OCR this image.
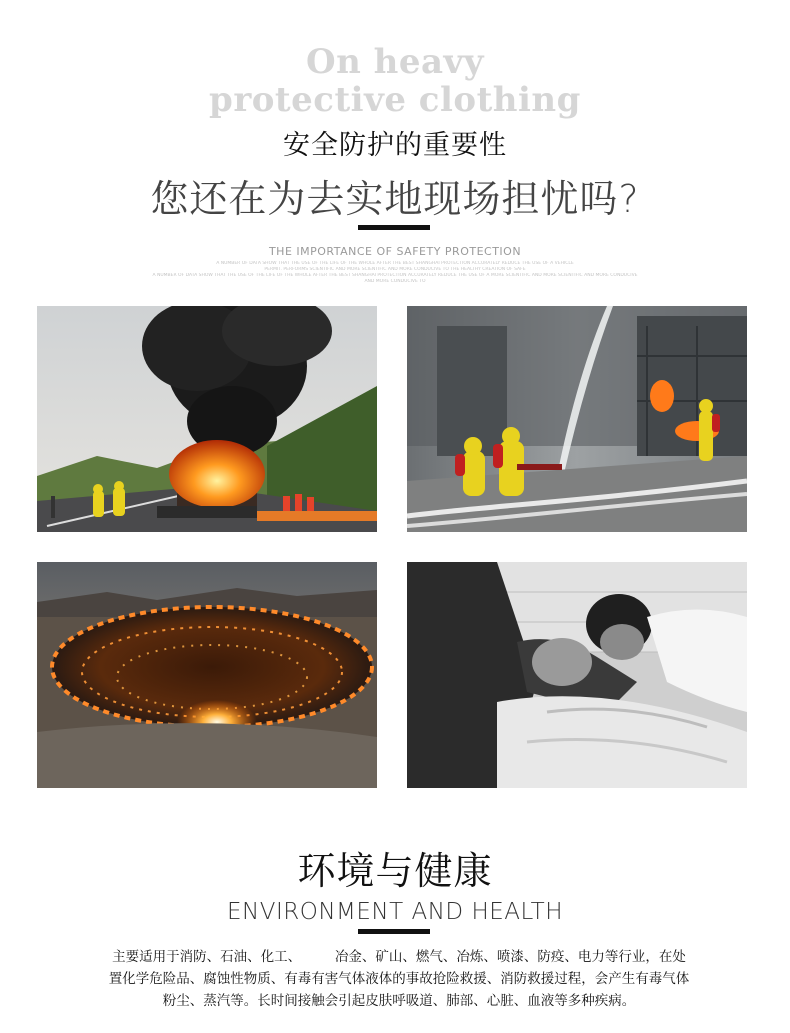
On heavy
protective clothing
安全防护的重要性
您还在为去实地现场担忧吗?
THE IMPORTANCE OF SAFETY PROTECTION
A NUMBER OF DATA SHOW THAT THE USE OF THE LIFE OF THE WHOLE AFTER THE BEST SHANGHAI PROTECTION ACCURATELY REDUCE THE USE OF A VEHICLE
PERMIT. PERFORMS SCIENTIFIC AND MORE SCIENTIFIC AND MORE CONDUCIVE TO THE HEALTHY CREATION OF SAFE
A NUMBER OF DATA SHOW THAT THE USE OF THE LIFE OF THE WHOLE AFTER THE BEST SHANGHAI PROTECTION ACCURATELY REDUCE THE USE OF A MORE SCIENTIFIC AND MORE SCIENTIFIC AND MORE CONDUCIVE
AND MORE CONDUCIVE TO
环境与健康
ENVIRONMENT AND HEALTH
主要适用于消防、石油、化工、　　　冶金、矿山、燃气、冶炼、喷漆、防疫、电力等行业，在处
置化学危险品、腐蚀性物质、有毒有害气体液体的事故抢险救援、消防救援过程，会产生有毒气体
粉尘、蒸汽等。长时间接触会引起皮肤呼吸道、肺部、心脏、血液等多种疾病。
